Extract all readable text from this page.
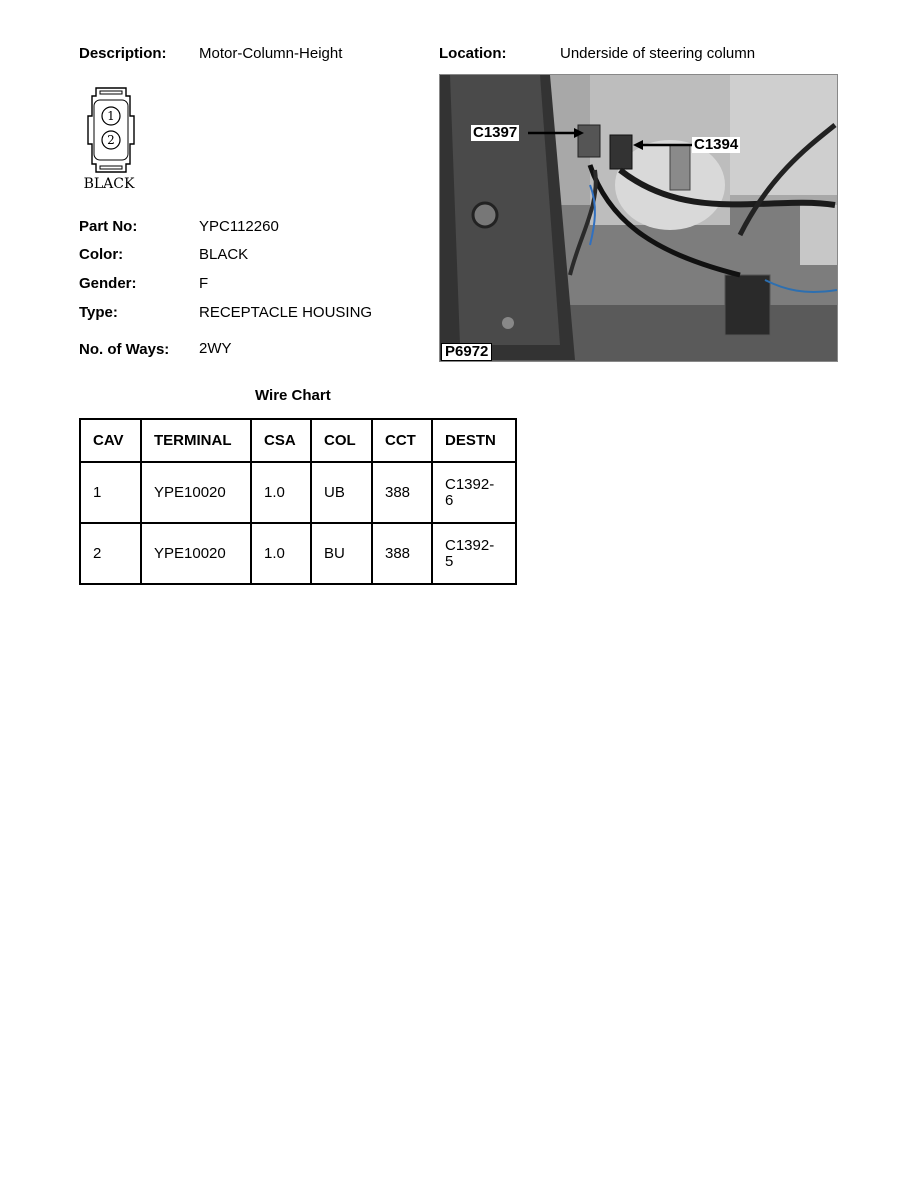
Description: Motor-Column-Height	Location:	Underside of steering column
1
2
BLACK
C1397
C1394
P6972
Part No:	YPC112260
Color:	BLACK
Gender:	F
Type:	RECEPTACLE HOUSING
No. of Ways: 2WY
Wire Chart
CAV	TERMINAL	CSA	COL	CCT	DESTN
1	YPE10020	1.0	UB	388	C1392-
6

2	YPE10020	1.0	BU	388	C1392-
5
